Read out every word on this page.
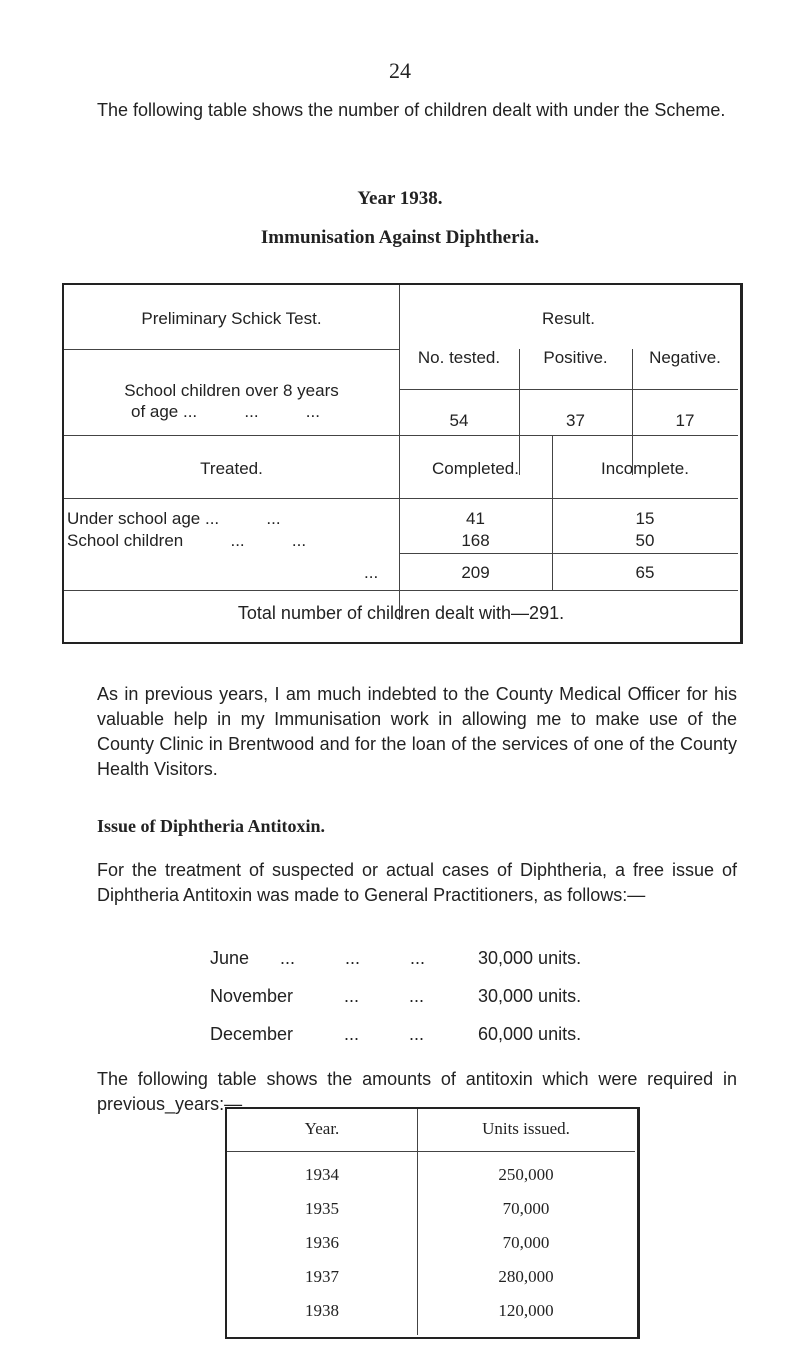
24
The following table shows the number of children dealt with under the Scheme.
Year 1938.
Immunisation Against Diphtheria.
Preliminary Schick Test.	Result.
No. tested.	Positive.	Negative.
School children over 8 years
of age ...          ...          ...	54	37	17
Treated.	Completed.	Incomplete.
Under school age ...          ...	41	15
School children          ...          ...	168	50
...	209	65
Total number of children dealt with—291.
As in previous years, I am much indebted to the County Medical Officer for his valuable help in my Immunisation work in allowing me to make use of the County Clinic in Brentwood and for the loan of the services of one of the County Health Visitors.
Issue of Diphtheria Antitoxin.
For the treatment of suspected or actual cases of Diphtheria, a free issue of Diphtheria Antitoxin was made to General Practitioners, as follows:—
June ...          ...          ...	30,000 units.
November	...          ...	30,000 units.
December	...          ...	60,000 units.
The following table shows the amounts of antitoxin which were required in previous_years:—
Year.	Units issued.
1934	250,000
1935	70,000
1936	70,000
1937	280,000
1938	120,000
